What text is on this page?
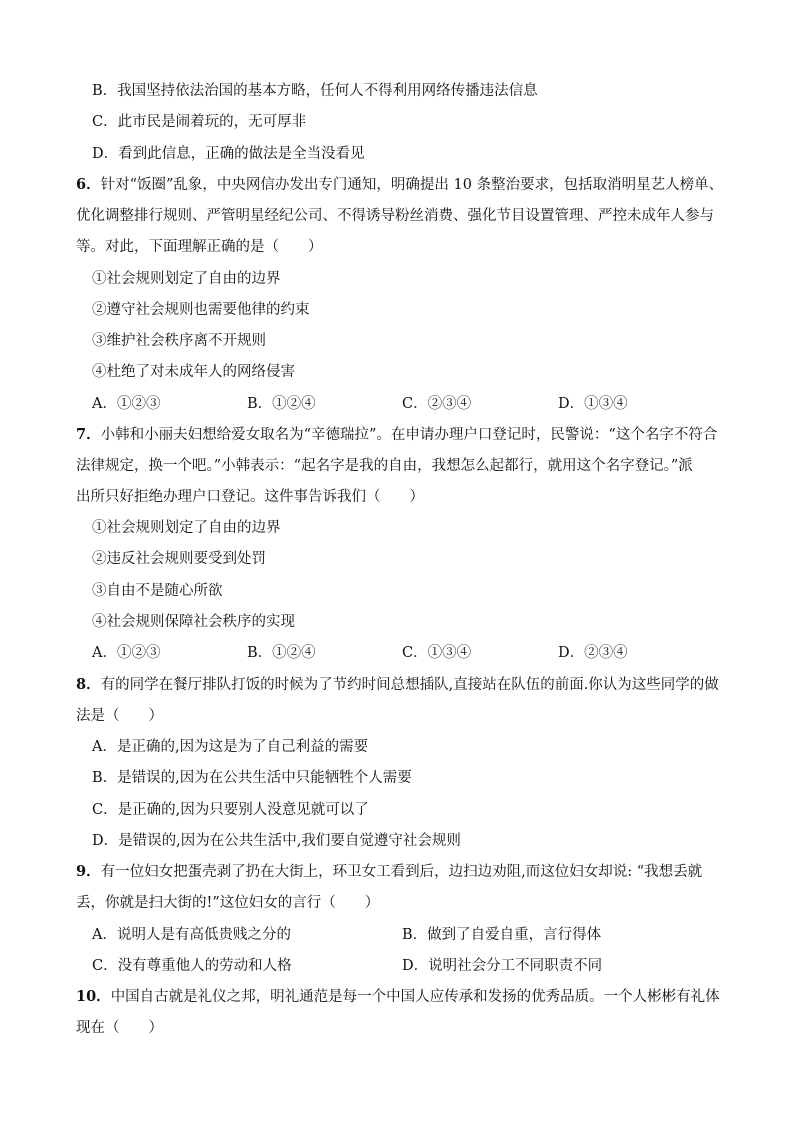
B．我国坚持依法治国的基本方略，任何人不得利用网络传播违法信息
C．此市民是闹着玩的，无可厚非
D．看到此信息，正确的做法是全当没看见
6．针对“饭圈”乱象，中央网信办发出专门通知，明确提出 10 条整治要求，包括取消明星艺人榜单、
优化调整排行规则、严管明星经纪公司、不得诱导粉丝消费、强化节目设置管理、严控未成年人参与
等。对此，下面理解正确的是（　　）
①社会规则划定了自由的边界
②遵守社会规则也需要他律的约束
③维护社会秩序离不开规则
④杜绝了对未成年人的网络侵害
A．①②③	B．①②④	C．②③④	D．①③④
7．小韩和小丽夫妇想给爱女取名为“辛德瑞拉”。在申请办理户口登记时，民警说：“这个名字不符合
法律规定，换一个吧。”小韩表示：“起名字是我的自由，我想怎么起都行，就用这个名字登记。”派
出所只好拒绝办理户口登记。这件事告诉我们（　　）
①社会规则划定了自由的边界
②违反社会规则要受到处罚
③自由不是随心所欲
④社会规则保障社会秩序的实现
A．①②③	B．①②④	C．①③④	D．②③④
8．有的同学在餐厅排队打饭的时候为了节约时间总想插队,直接站在队伍的前面.你认为这些同学的做
法是（　　）
A．是正确的,因为这是为了自己利益的需要
B．是错误的,因为在公共生活中只能牺牲个人需要
C．是正确的,因为只要别人没意见就可以了
D．是错误的,因为在公共生活中,我们要自觉遵守社会规则
9．有一位妇女把蛋壳剥了扔在大街上，环卫女工看到后，边扫边劝阻,而这位妇女却说: “我想丢就
丢，你就是扫大街的!”这位妇女的言行（　　）
A．说明人是有高低贵贱之分的	B．做到了自爱自重，言行得体
C．没有尊重他人的劳动和人格	D．说明社会分工不同职责不同
10．中国自古就是礼仪之邦，明礼通范是每一个中国人应传承和发扬的优秀品质。一个人彬彬有礼体
现在（　　）
